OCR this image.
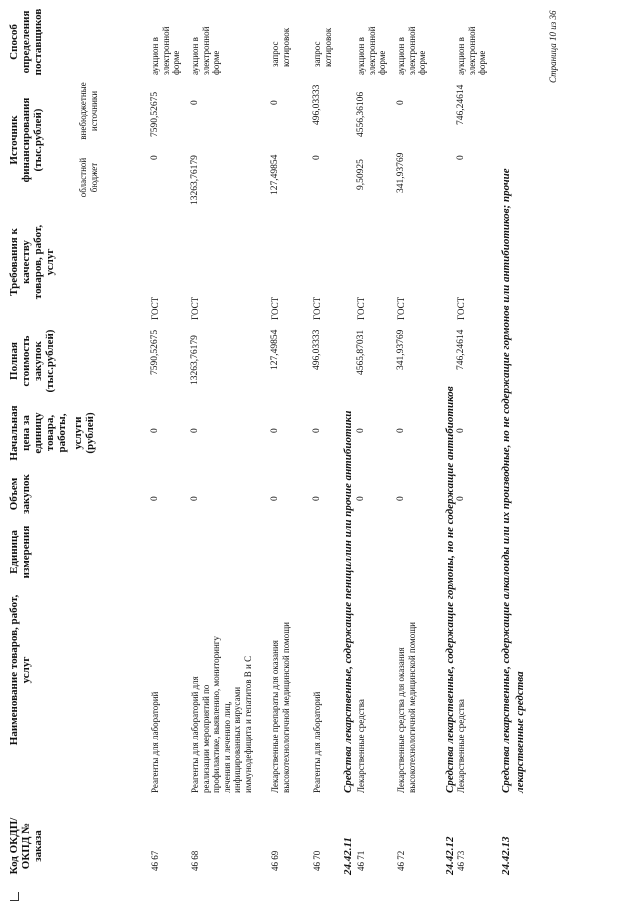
Код ОКДП/ ОКПД № заказа
Наименование товаров, работ, услуг
Единица измерения
Объем закупок
Начальная цена за единицу товара, работы, услуги (рублей)
Полная стоимость закупок (тыс.рублей)
Требования к качеству товаров, работ, услуг
Источник финансирования (тыс.рублей)
областной бюджет
внебюджетные источники
Способ определения поставщиков
46 67
Реагенты для лабораторий
0
0
7590,52675
ГОСТ
0
7590,52675
аукцион в электронной форме
46 68
Реагенты для лабораторий для реализации мероприятий по профилактике, выявлению, мониторингу лечения и лечению лиц, инфицированных вирусами иммунодефицита и гепатитов В и С
0
0
13263,76179
ГОСТ
13263,76179
0
аукцион в электронной форме
46 69
Лекарственные препараты для оказания высокотехнологичной медицинской помощи
0
0
127,49854
ГОСТ
127,49854
0
запрос котировок
46 70
Реагенты для лабораторий
0
0
496,03333
ГОСТ
0
496,03333
запрос котировок
24.42.11
Средства лекарственные, содержащие пенициллин или прочие антибиотики
46 71
Лекарственные средства
0
0
4565,87031
ГОСТ
9,50925
4556,36106
аукцион в электронной форме
46 72
Лекарственные средства для оказания высокотехнологичной медицинской помощи
0
0
341,93769
ГОСТ
341,93769
0
аукцион в электронной форме
24.42.12
Средства лекарственные, содержащие гормоны, но не содержащие антибиотиков
46 73
Лекарственные средства
0
0
746,24614
ГОСТ
0
746,24614
аукцион в электронной форме
24.42.13
Средства лекарственные, содержащие алкалоиды или их производные, но не содержащие гормонов или антибиотиков; прочие лекарственные средства
Страница 10 из 36
